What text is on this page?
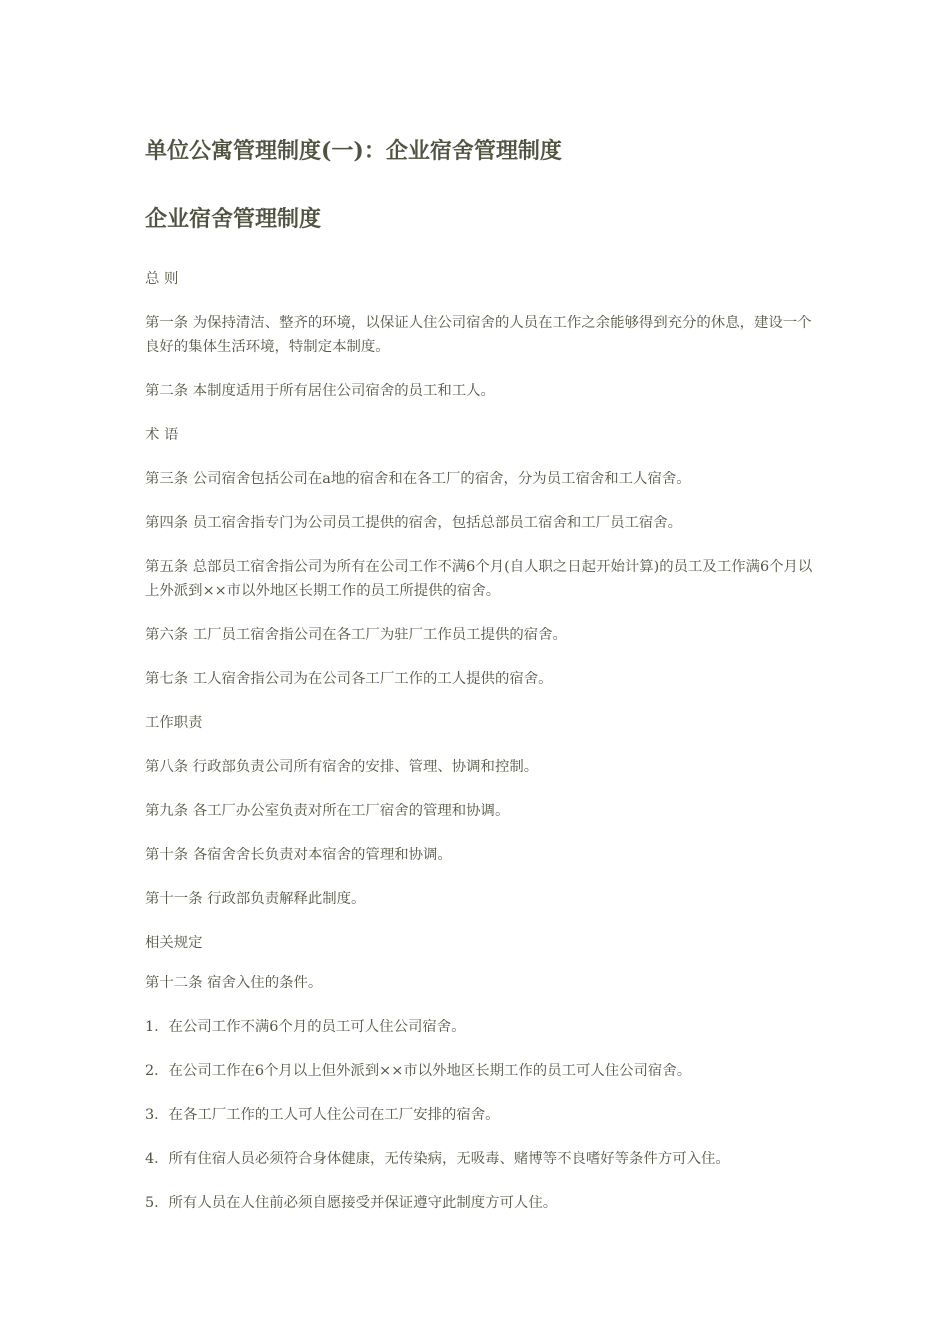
单位公寓管理制度(一)：企业宿舍管理制度
企业宿舍管理制度
总 则
第一条 为保持清洁、整齐的环境，以保证人住公司宿舍的人员在工作之余能够得到充分的休息，建设一个良好的集体生活环境，特制定本制度。
第二条 本制度适用于所有居住公司宿舍的员工和工人。
术 语
第三条 公司宿舍包括公司在a地的宿舍和在各工厂的宿舍，分为员工宿舍和工人宿舍。
第四条 员工宿舍指专门为公司员工提供的宿舍，包括总部员工宿舍和工厂员工宿舍。
第五条 总部员工宿舍指公司为所有在公司工作不满6个月(自人职之日起开始计算)的员工及工作满6个月以上外派到××市以外地区长期工作的员工所提供的宿舍。
第六条 工厂员工宿舍指公司在各工厂为驻厂工作员工提供的宿舍。
第七条 工人宿舍指公司为在公司各工厂工作的工人提供的宿舍。
工作职责
第八条 行政部负责公司所有宿舍的安排、管理、协调和控制。
第九条 各工厂办公室负责对所在工厂宿舍的管理和协调。
第十条 各宿舍舍长负责对本宿舍的管理和协调。
第十一条 行政部负责解释此制度。
相关规定
第十二条 宿舍入住的条件。
1．在公司工作不满6个月的员工可人住公司宿舍。
2．在公司工作在6个月以上但外派到××市以外地区长期工作的员工可人住公司宿舍。
3．在各工厂工作的工人可人住公司在工厂安排的宿舍。
4．所有住宿人员必须符合身体健康，无传染病，无吸毒、赌博等不良嗜好等条件方可入住。
5．所有人员在人住前必须自愿接受并保证遵守此制度方可人住。
